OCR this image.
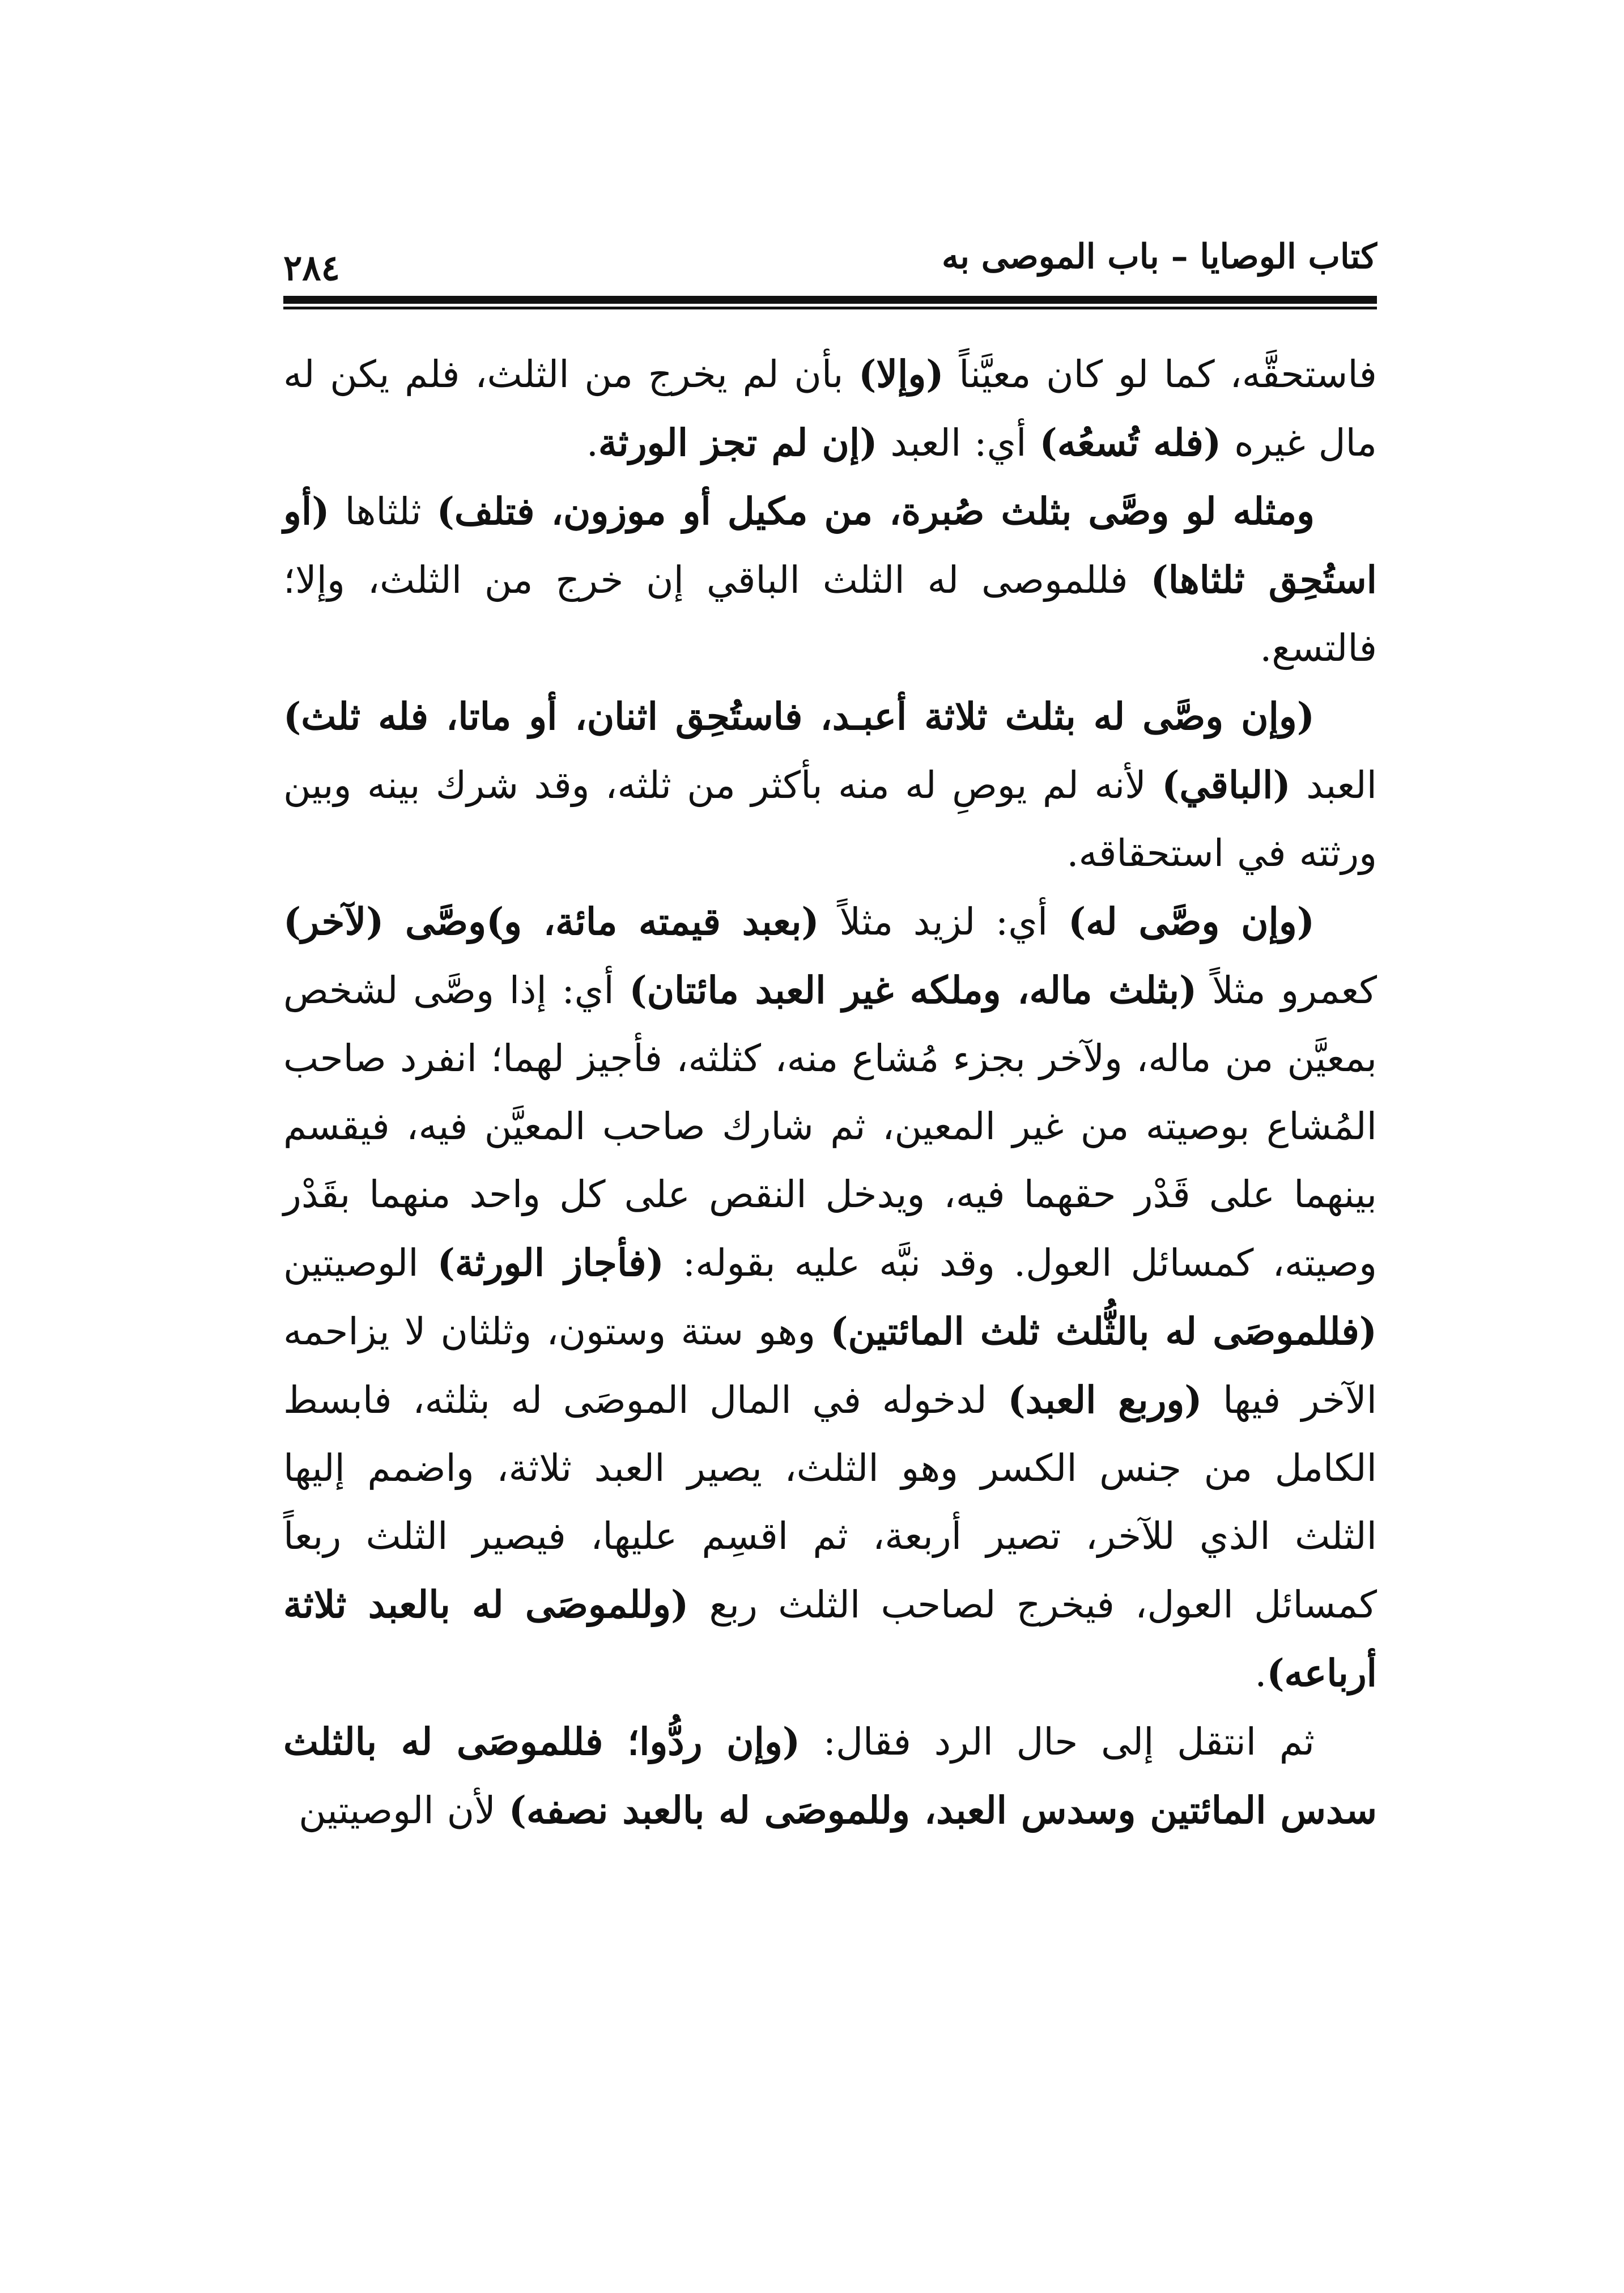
كتاب الوصايا – باب الموصى به
٢٨٤

فاستحقَّه، كما لو كان معيَّناً (وإلا) بأن لم يخرج من الثلث، فلم يكن له مال غيره (فله تُسعُه) أي: العبد (إن لم تجز الورثة.

ومثله لو وصَّى بثلث صُبرة، من مكيل أو موزون، فتلف) ثلثاها (أو استُحِق ثلثاها) فللموصى له الثلث الباقي إن خرج من الثلث، وإلا؛ فالتسع.

(وإن وصَّى له بثلث ثلاثة أعبـد، فاستُحِق اثنان، أو ماتا، فله ثلث) العبد (الباقي) لأنه لم يوصِ له منه بأكثر من ثلثه، وقد شرك بينه وبين ورثته في استحقاقه.

(وإن وصَّى له) أي: لزيد مثلاً (بعبد قيمته مائة، و)وصَّى (لآخر) كعمرو مثلاً (بثلث ماله، وملكه غير العبد مائتان) أي: إذا وصَّى لشخص بمعيَّن من ماله، ولآخر بجزء مُشاع منه، كثلثه، فأجيز لهما؛ انفرد صاحب المُشاع بوصيته من غير المعين، ثم شارك صاحب المعيَّن فيه، فيقسم بينهما على قَدْر حقهما فيه، ويدخل النقص على كل واحد منهما بقَدْر وصيته، كمسائل العول. وقد نبَّه عليه بقوله: (فأجاز الورثة) الوصيتين (فللموصَى له بالثُّلث ثلث المائتين) وهو ستة وستون، وثلثان لا يزاحمه الآخر فيها (وربع العبد) لدخوله في المال الموصَى له بثلثه، فابسط الكامل من جنس الكسر وهو الثلث، يصير العبد ثلاثة، واضمم إليها الثلث الذي للآخر، تصير أربعة، ثم اقسِم عليها، فيصير الثلث ربعاً كمسائل العول، فيخرج لصاحب الثلث ربع (وللموصَى له بالعبد ثلاثة أرباعه).

ثم انتقل إلى حال الرد فقال: (وإن ردُّوا؛ فللموصَى له بالثلث سدس المائتين وسدس العبد، وللموصَى له بالعبد نصفه) لأن الوصيتين
